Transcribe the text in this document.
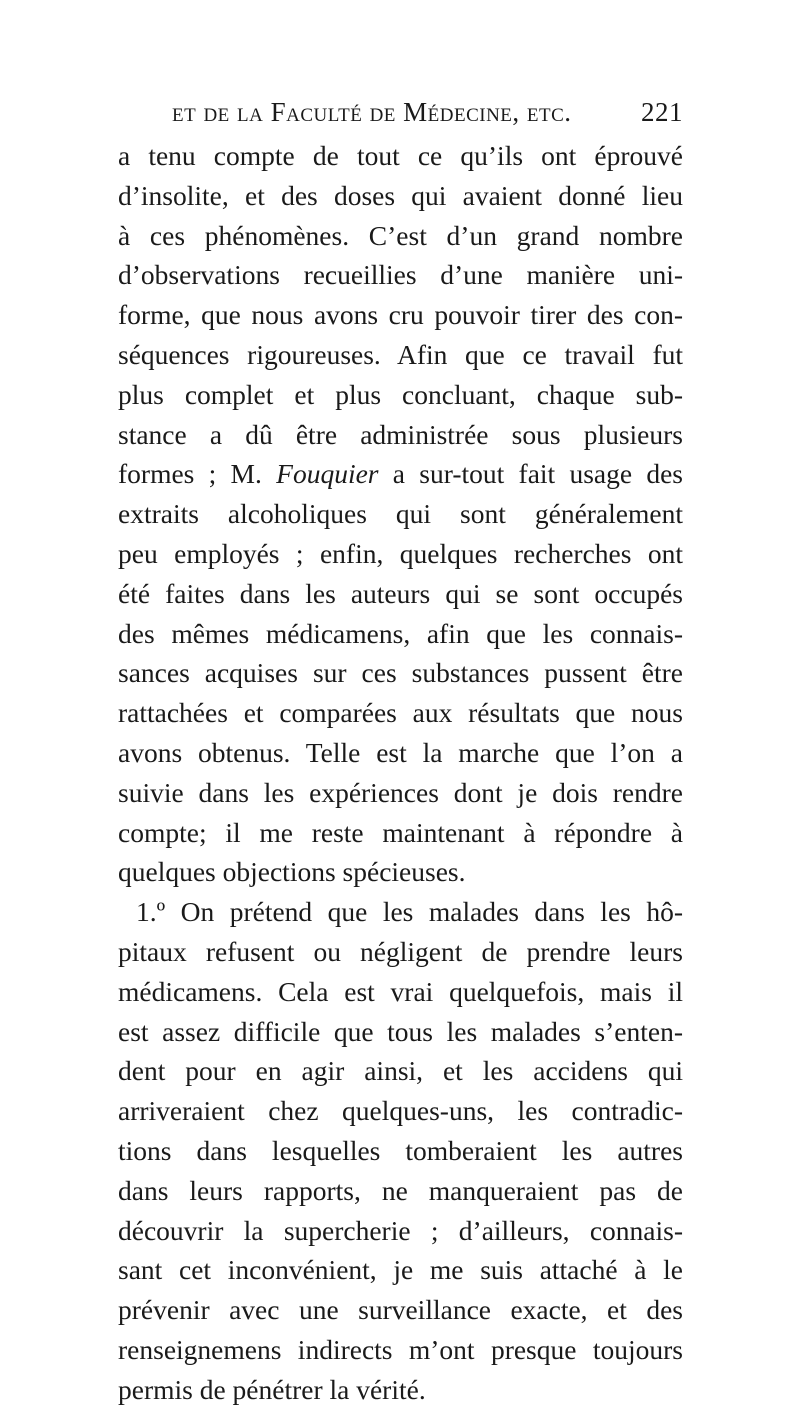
et de la Faculté de Médecine, etc.	221
a tenu compte de tout ce qu’ils ont éprouvé
d’insolite, et des doses qui avaient donné lieu
à ces phénomènes. C’est d’un grand nombre
d’observations recueillies d’une manière uni-
forme, que nous avons cru pouvoir tirer des con-
séquences rigoureuses. Afin que ce travail fut
plus complet et plus concluant, chaque sub-
stance a dû être administrée sous plusieurs
formes ; M. Fouquier a sur-tout fait usage des
extraits alcoholiques qui sont généralement
peu employés ; enfin, quelques recherches ont
été faites dans les auteurs qui se sont occupés
des mêmes médicamens, afin que les connais-
sances acquises sur ces substances pussent être
rattachées et comparées aux résultats que nous
avons obtenus. Telle est la marche que l’on a
suivie dans les expériences dont je dois rendre
compte; il me reste maintenant à répondre à
quelques objections spécieuses.
1.º On prétend que les malades dans les hô-
pitaux refusent ou négligent de prendre leurs
médicamens. Cela est vrai quelquefois, mais il
est assez difficile que tous les malades s’enten-
dent pour en agir ainsi, et les accidens qui
arriveraient chez quelques-uns, les contradic-
tions dans lesquelles tomberaient les autres
dans leurs rapports, ne manqueraient pas de
découvrir la supercherie ; d’ailleurs, connais-
sant cet inconvénient, je me suis attaché à le
prévenir avec une surveillance exacte, et des
renseignemens indirects m’ont presque toujours
permis de pénétrer la vérité.
